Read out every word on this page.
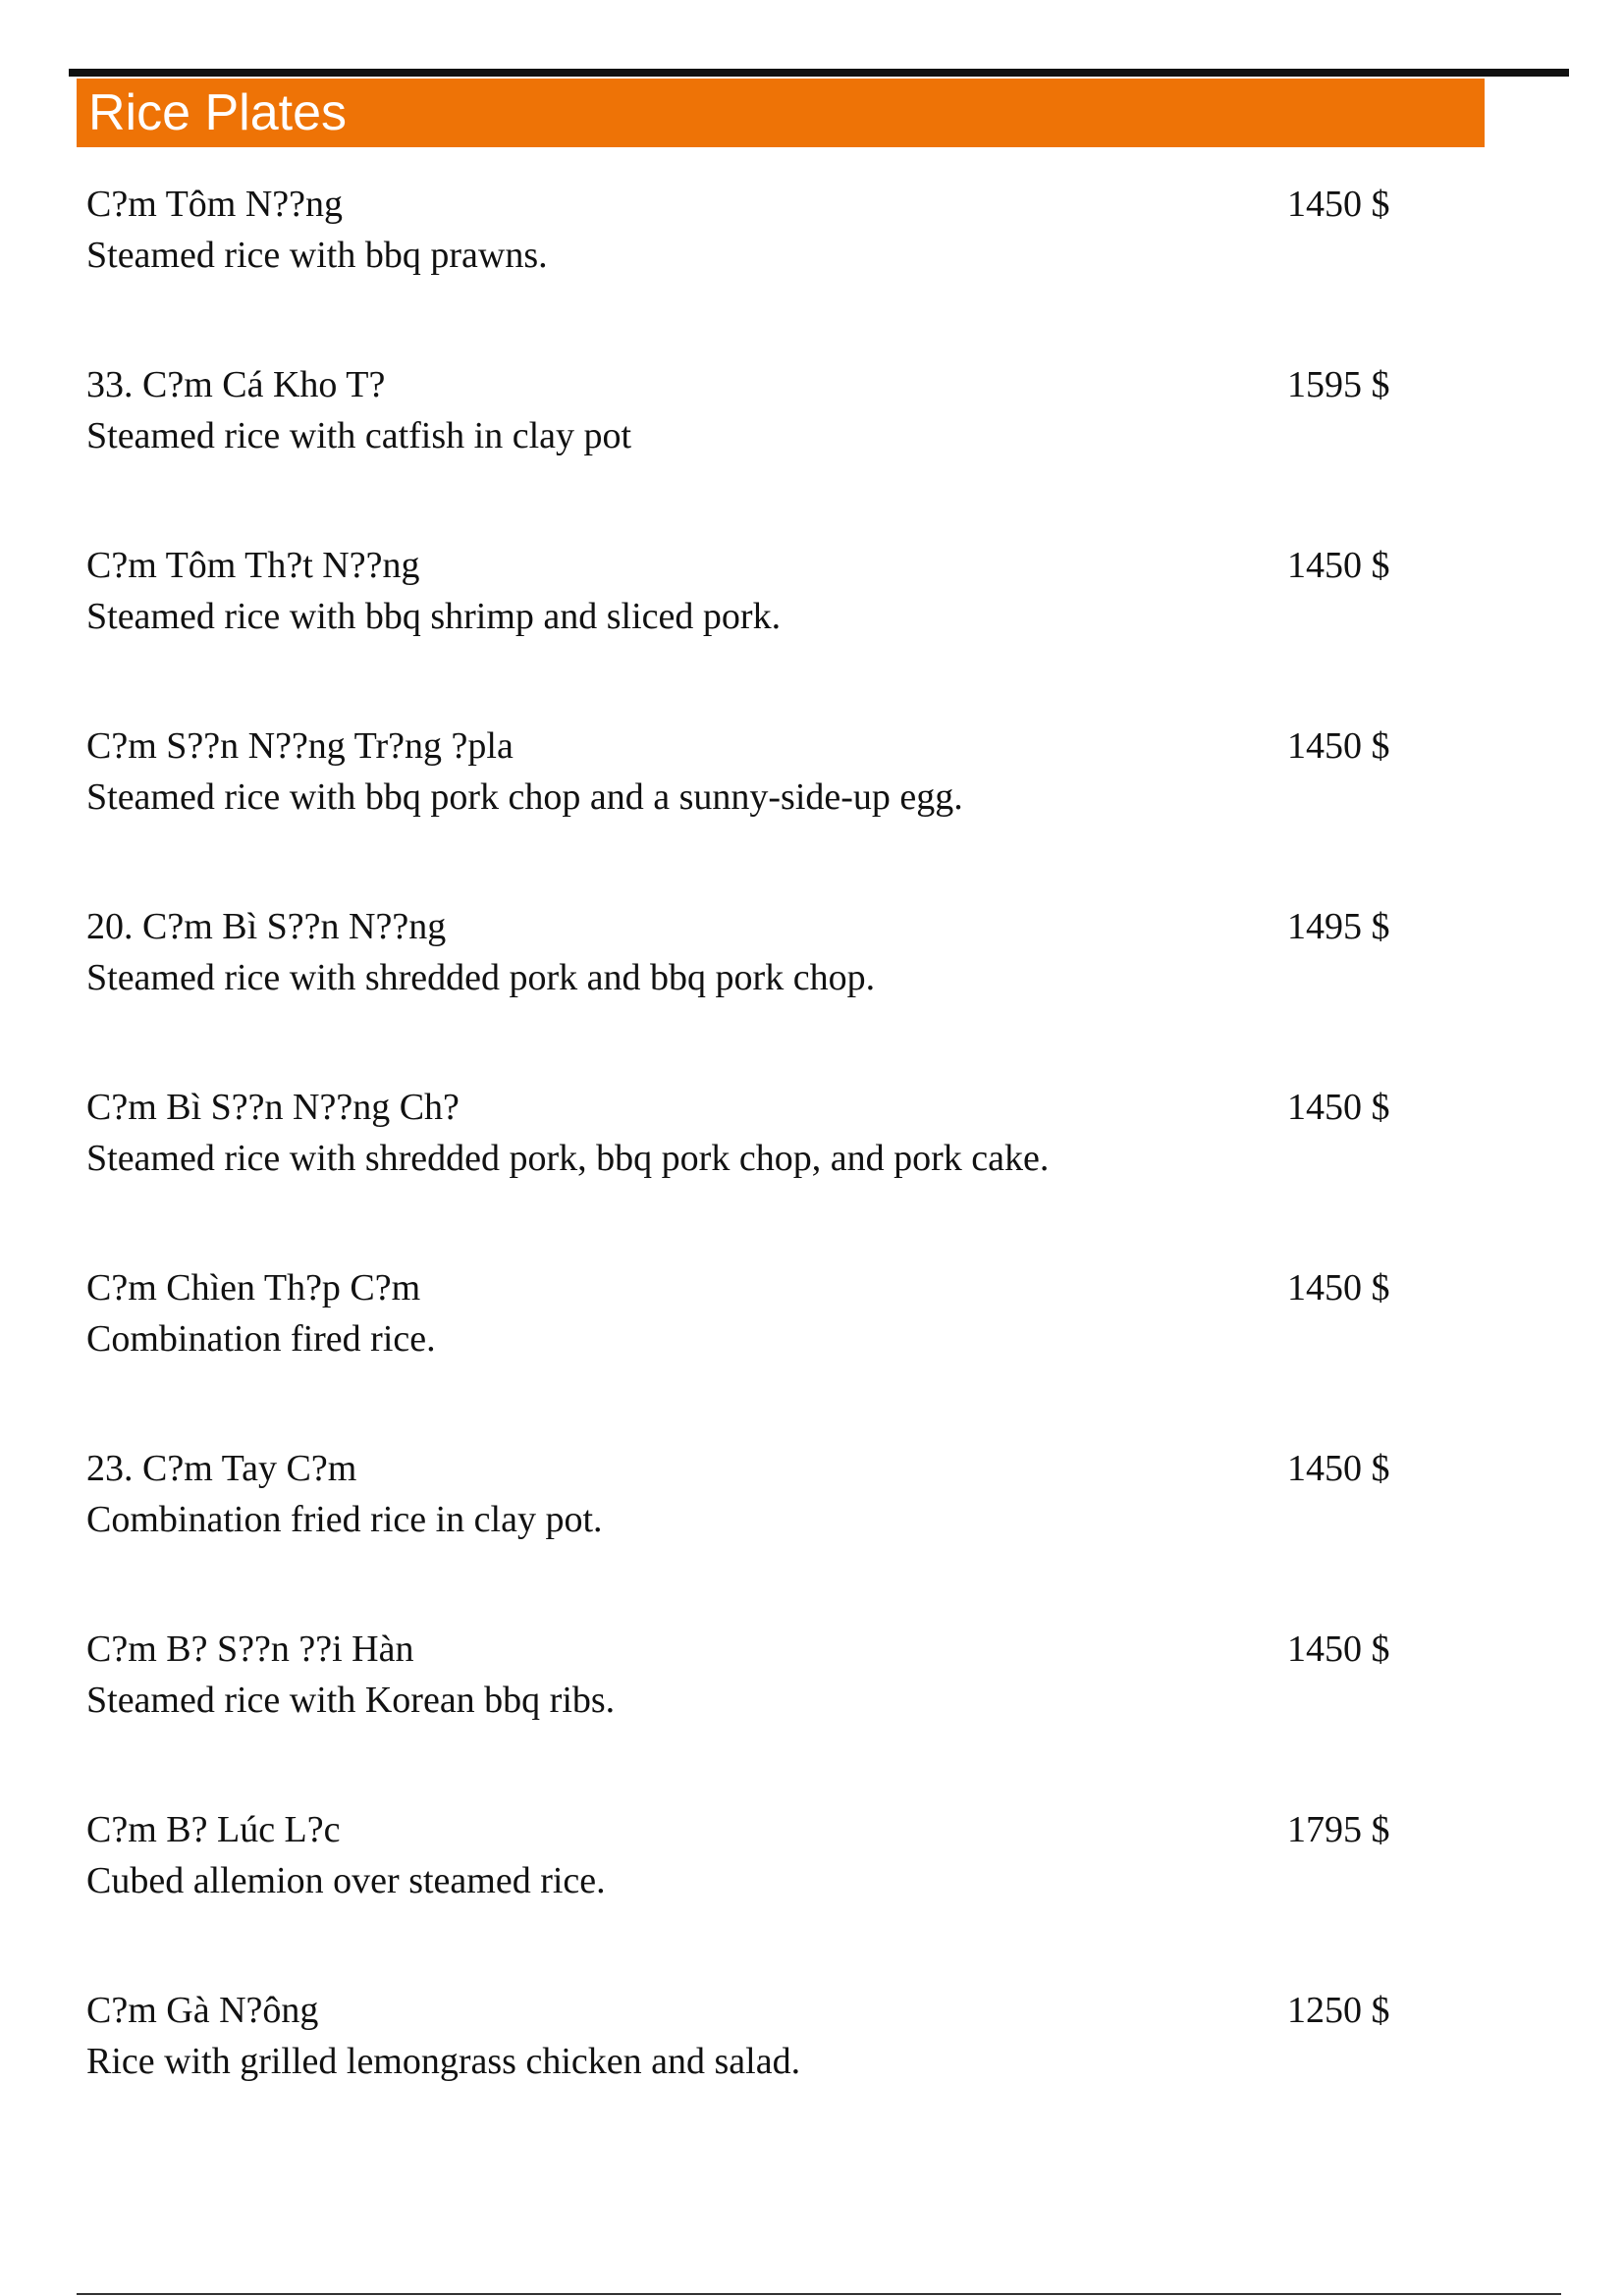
Rice Plates
C?m Tôm N??ng	1450 $
Steamed rice with bbq prawns.
33. C?m Cá Kho T?	1595 $
Steamed rice with catfish in clay pot
C?m Tôm Th?t N??ng	1450 $
Steamed rice with bbq shrimp and sliced pork.
C?m S??n N??ng Tr?ng ?pla	1450 $
Steamed rice with bbq pork chop and a sunny-side-up egg.
20. C?m Bì S??n N??ng	1495 $
Steamed rice with shredded pork and bbq pork chop.
C?m Bì S??n N??ng Ch?	1450 $
Steamed rice with shredded pork, bbq pork chop, and pork cake.
C?m Chìen Th?p C?m	1450 $
Combination fired rice.
23. C?m Tay C?m	1450 $
Combination fried rice in clay pot.
C?m B? S??n ??i Hàn	1450 $
Steamed rice with Korean bbq ribs.
C?m B? Lúc L?c	1795 $
Cubed allemion over steamed rice.
C?m Gà N?ông	1250 $
Rice with grilled lemongrass chicken and salad.
